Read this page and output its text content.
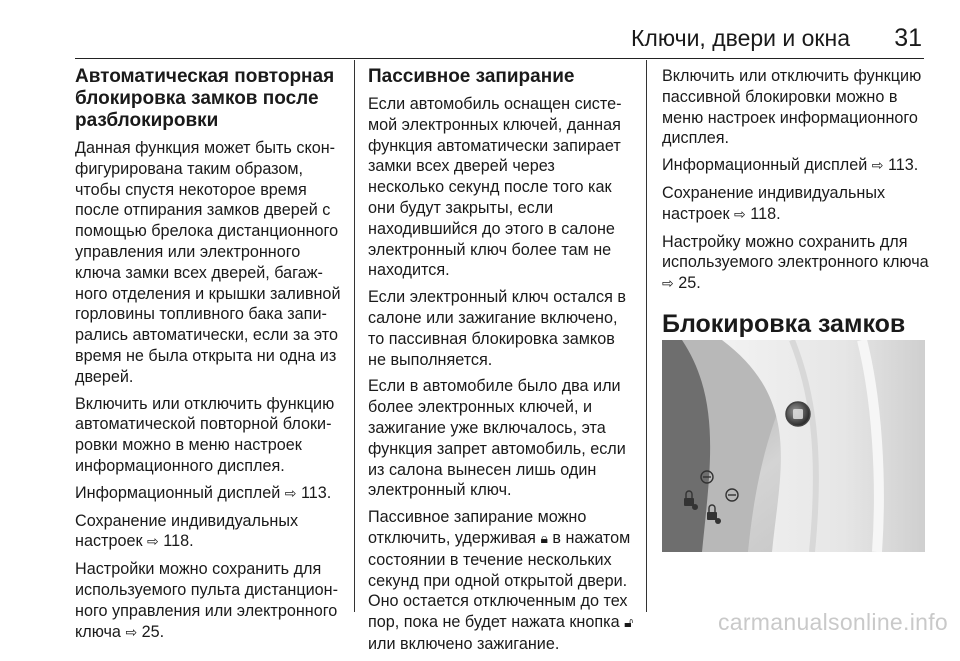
Ключи, двери и окна 31
Автоматическая повторная блокировка замков после разблокировки

Данная функция может быть сконфигурирована таким образом, чтобы спустя некоторое время после отпирания замков дверей с помощью брелока дистанционного управления или электронного ключа замки всех дверей, багажного отделения и крышки заливной горловины топливного бака запирались автоматически, если за это время не была открыта ни одна из дверей.

Включить или отключить функцию автоматической повторной блокировки можно в меню настроек информационного дисплея.

Информационный дисплей ⇨ 113.

Сохранение индивидуальных настроек ⇨ 118.

Настройки можно сохранить для используемого пульта дистанционного управления или электронного ключа ⇨ 25.

Пассивное запирание

Если автомобиль оснащен системой электронных ключей, данная функция автоматически запирает замки всех дверей через несколько секунд после того как они будут закрыты, если находившийся до этого в салоне электронный ключ более там не находится.

Если электронный ключ остался в салоне или зажигание включено, то пассивная блокировка замков не выполняется.

Если в автомобиле было два или более электронных ключей, и зажигание уже включалось, эта функция запрет автомобиль, если из салона вынесен лишь один электронный ключ.

Пассивное запирание можно отключить, удерживая 🔒︎ в нажатом состоянии в течение нескольких секунд при одной открытой двери. Оно остается отключенным до тех пор, пока не будет нажата кнопка 🔓︎ или включено зажигание.

Включить или отключить функцию пассивной блокировки можно в меню настроек информационного дисплея.

Информационный дисплей ⇨ 113.

Сохранение индивидуальных настроек ⇨ 118.

Настройку можно сохранить для используемого электронного ключа ⇨ 25.

Блокировка замков
carmanualsonline.info
